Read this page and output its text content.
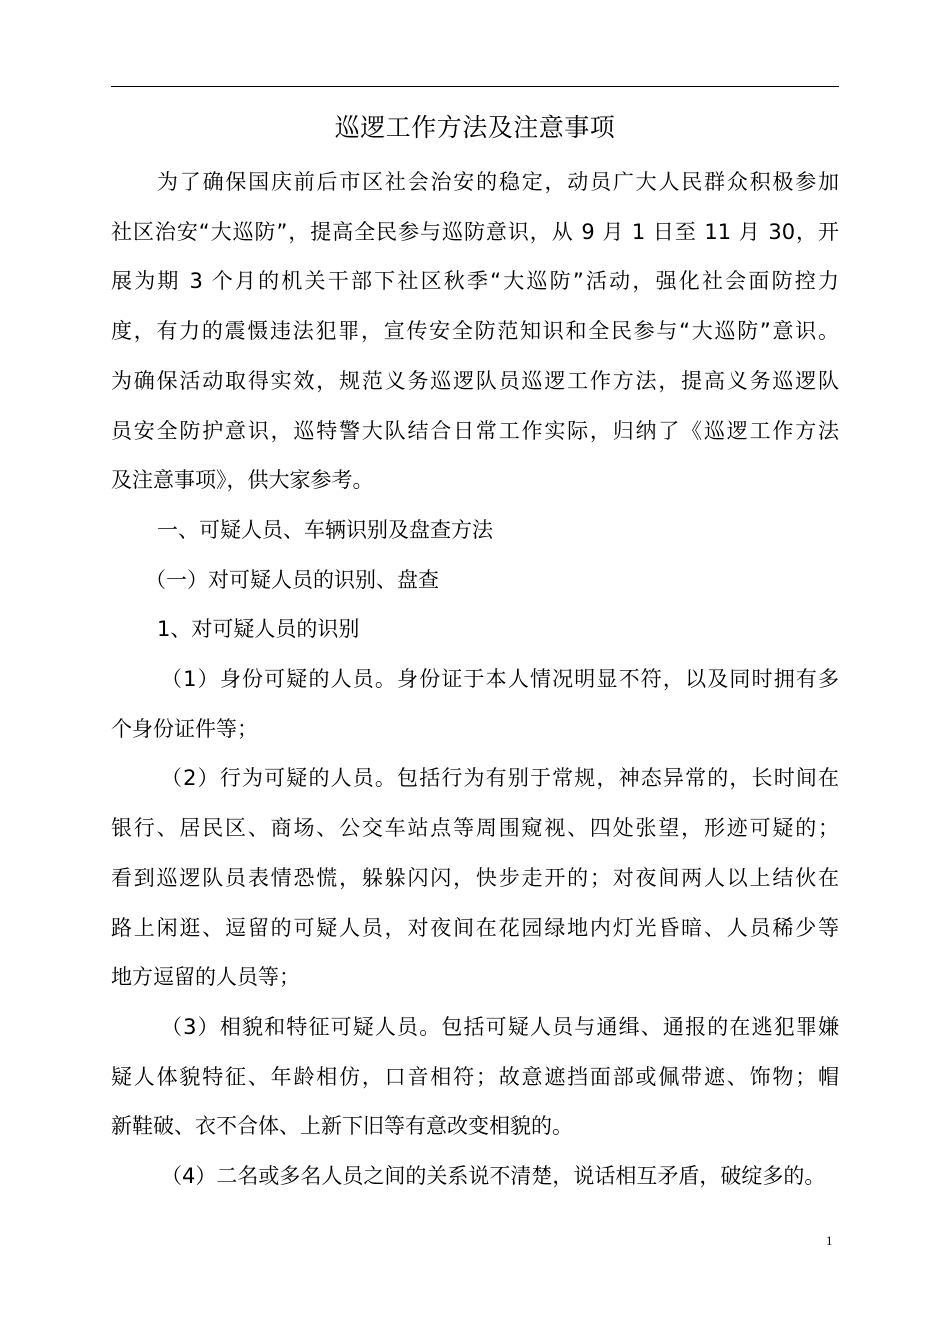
巡逻工作方法及注意事项

为了确保国庆前后市区社会治安的稳定，动员广大人民群众积极参加
社区治安“大巡防”，提高全民参与巡防意识，从 9 月 1 日至 11 月 30，开
展为期 3 个月的机关干部下社区秋季“大巡防”活动，强化社会面防控力
度，有力的震慑违法犯罪，宣传安全防范知识和全民参与“大巡防”意识。
为确保活动取得实效，规范义务巡逻队员巡逻工作方法，提高义务巡逻队
员安全防护意识，巡特警大队结合日常工作实际，归纳了《巡逻工作方法
及注意事项》，供大家参考。

一、可疑人员、车辆识别及盘查方法

（一）对可疑人员的识别、盘查

1、对可疑人员的识别

（1）身份可疑的人员。身份证于本人情况明显不符，以及同时拥有多
个身份证件等；

（2）行为可疑的人员。包括行为有别于常规，神态异常的，长时间在
银行、居民区、商场、公交车站点等周围窥视、四处张望，形迹可疑的；
看到巡逻队员表情恐慌，躲躲闪闪，快步走开的；对夜间两人以上结伙在
路上闲逛、逗留的可疑人员，对夜间在花园绿地内灯光昏暗、人员稀少等
地方逗留的人员等；

（3）相貌和特征可疑人员。包括可疑人员与通缉、通报的在逃犯罪嫌
疑人体貌特征、年龄相仿，口音相符；故意遮挡面部或佩带遮、饰物；帽
新鞋破、衣不合体、上新下旧等有意改变相貌的。

（4）二名或多名人员之间的关系说不清楚，说话相互矛盾，破绽多的。

1
